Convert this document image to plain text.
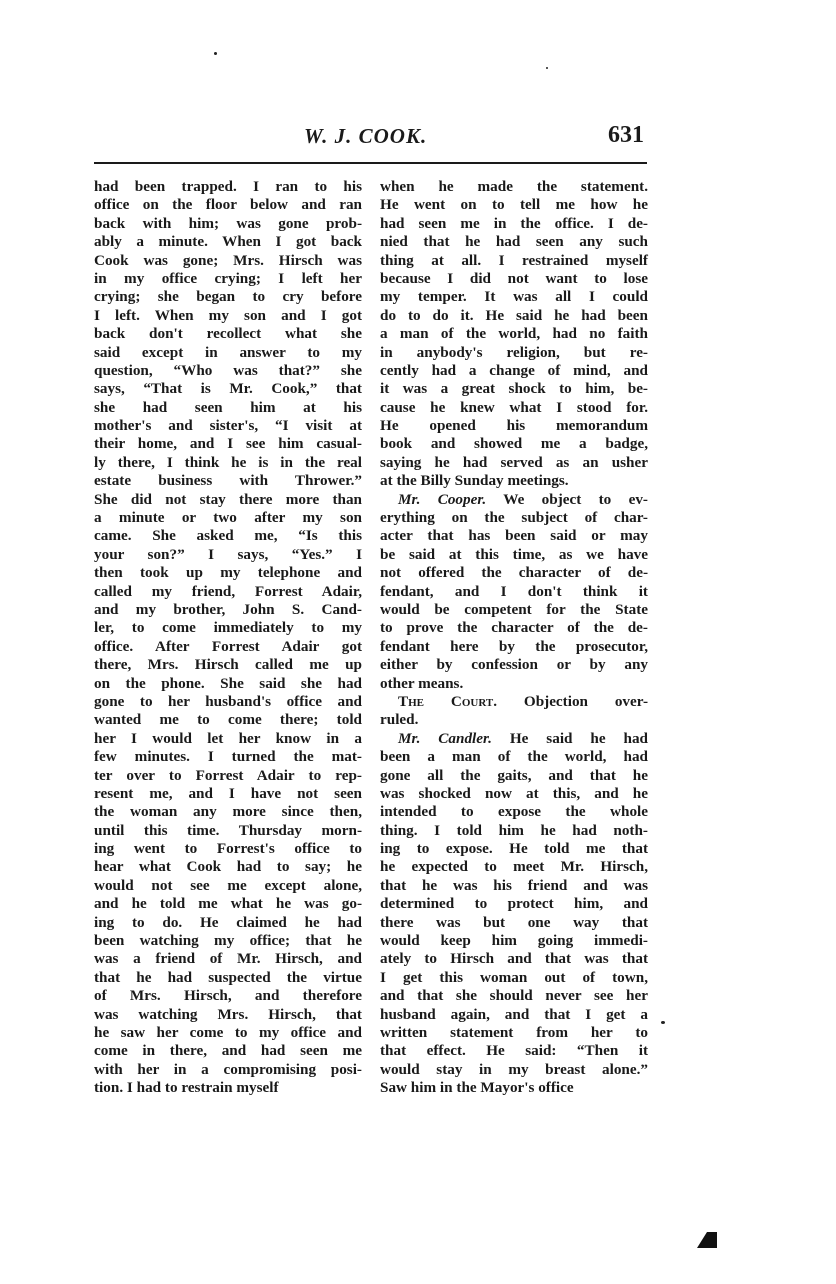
W. J. COOK.	631
had been trapped. I ran to his
office on the floor below and ran
back with him; was gone prob-
ably a minute. When I got back
Cook was gone; Mrs. Hirsch was
in my office crying; I left her
crying; she began to cry before
I left. When my son and I got
back don't recollect what she
said except in answer to my
question, “Who was that?” she
says, “That is Mr. Cook,” that
she had seen him at his
mother's and sister's, “I visit at
their home, and I see him casual-
ly there, I think he is in the real
estate business with Thrower.”
She did not stay there more than
a minute or two after my son
came. She asked me, “Is this
your son?” I says, “Yes.” I
then took up my telephone and
called my friend, Forrest Adair,
and my brother, John S. Cand-
ler, to come immediately to my
office. After Forrest Adair got
there, Mrs. Hirsch called me up
on the phone. She said she had
gone to her husband's office and
wanted me to come there; told
her I would let her know in a
few minutes. I turned the mat-
ter over to Forrest Adair to rep-
resent me, and I have not seen
the woman any more since then,
until this time. Thursday morn-
ing went to Forrest's office to
hear what Cook had to say; he
would not see me except alone,
and he told me what he was go-
ing to do. He claimed he had
been watching my office; that he
was a friend of Mr. Hirsch, and
that he had suspected the virtue
of Mrs. Hirsch, and therefore
was watching Mrs. Hirsch, that
he saw her come to my office and
come in there, and had seen me
with her in a compromising posi-
tion. I had to restrain myself
when he made the statement.
He went on to tell me how he
had seen me in the office. I de-
nied that he had seen any such
thing at all. I restrained myself
because I did not want to lose
my temper. It was all I could
do to do it. He said he had been
a man of the world, had no faith
in anybody's religion, but re-
cently had a change of mind, and
it was a great shock to him, be-
cause he knew what I stood for.
He opened his memorandum
book and showed me a badge,
saying he had served as an usher
at the Billy Sunday meetings.
Mr. Cooper. We object to ev-
erything on the subject of char-
acter that has been said or may
be said at this time, as we have
not offered the character of de-
fendant, and I don't think it
would be competent for the State
to prove the character of the de-
fendant here by the prosecutor,
either by confession or by any
other means.
The Court. Objection over-
ruled.
Mr. Candler. He said he had
been a man of the world, had
gone all the gaits, and that he
was shocked now at this, and he
intended to expose the whole
thing. I told him he had noth-
ing to expose. He told me that
he expected to meet Mr. Hirsch,
that he was his friend and was
determined to protect him, and
there was but one way that
would keep him going immedi-
ately to Hirsch and that was that
I get this woman out of town,
and that she should never see her
husband again, and that I get a
written statement from her to
that effect. He said: “Then it
would stay in my breast alone.”
Saw him in the Mayor's office
